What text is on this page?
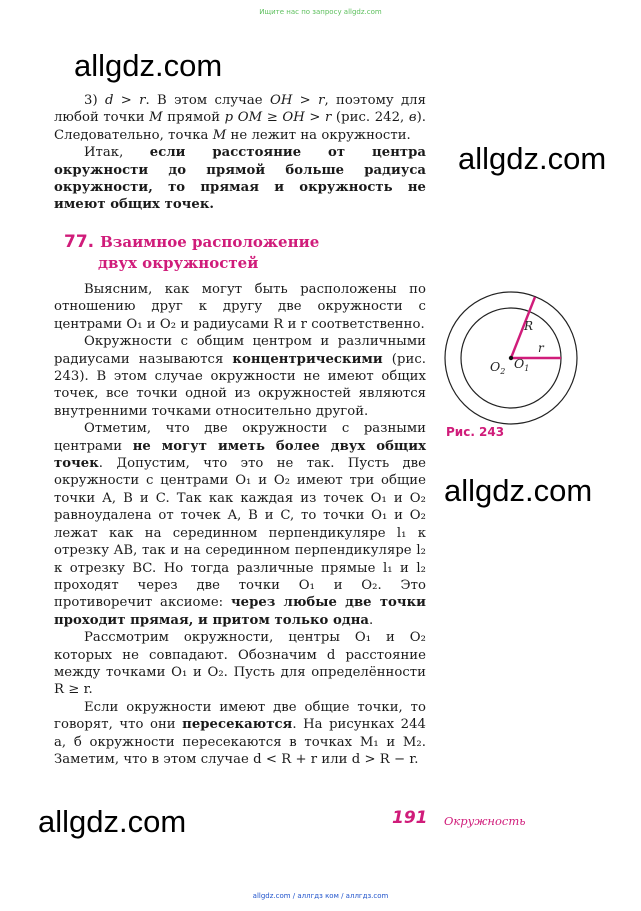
Ищите нас по запросу allgdz.com
allgdz.com
allgdz.com
allgdz.com
allgdz.com

3) d > r. В этом случае OH > r, поэтому для любой точки M прямой p OM ≥ OH > r (рис. 242, в). Следовательно, точка M не лежит на окружности.

Итак, если расстояние от центра окружности до прямой больше радиуса окружности, то прямая и окружность не имеют общих точек.

77. Взаимное расположение
двух окружностей

Выясним, как могут быть расположены по отношению друг к другу две окружности с центрами O₁ и O₂ и радиусами R и r соответственно.

Окружности с общим центром и различными радиусами называются концентрическими (рис. 243). В этом случае окружности не имеют общих точек, все точки одной из окружностей являются внутренними точками относительно другой.

Отметим, что две окружности с разными центрами не могут иметь более двух общих точек. Допустим, что это не так. Пусть две окружности с центрами O₁ и O₂ имеют три общие точки A, B и C. Так как каждая из точек O₁ и O₂ равноудалена от точек A, B и C, то точки O₁ и O₂ лежат как на серединном перпендикуляре l₁ к отрезку AB, так и на серединном перпендикуляре l₂ к отрезку BC. Но тогда различные прямые l₁ и l₂ проходят через две точки O₁ и O₂. Это противоречит аксиоме: через любые две точки проходит прямая, и притом только одна.

Рассмотрим окружности, центры O₁ и O₂ которых не совпадают. Обозначим d расстояние между точками O₁ и O₂. Пусть для определённости R ≥ r.

Если окружности имеют две общие точки, то говорят, что они пересекаются. На рисунках 244 а, б окружности пересекаются в точках M₁ и M₂. Заметим, что в этом случае d < R + r или d > R − r.

R
r
$O_2$
$O_1$
Рис. 243
191 Окружность
allgdz.com / аллгдз ком / аллгдз.com
